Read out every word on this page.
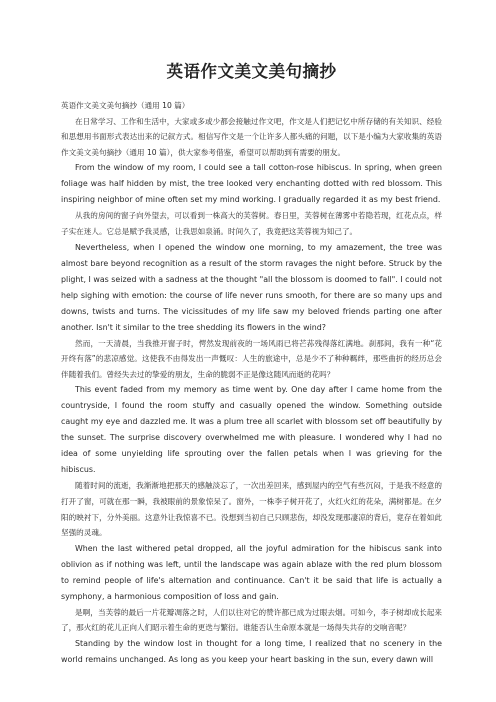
英语作文美文美句摘抄

英语作文美文美句摘抄（通用 10 篇）

在日常学习、工作和生活中，大家或多或少都会接触过作文吧，作文是人们把记忆中所存储的有关知识、经验和思想用书面形式表达出来的记叙方式。相信写作文是一个让许多人都头痛的问题，以下是小编为大家收集的英语作文美文美句摘抄（通用 10 篇），供大家参考借鉴，希望可以帮助到有需要的朋友。

From the window of my room, I could see a tall cotton-rose hibiscus. In spring, when green foliage was half hidden by mist, the tree looked very enchanting dotted with red blossom. This inspiring neighbor of mine often set my mind working. I gradually regarded it as my best friend.

从我的房间的窗子向外望去，可以看到一株高大的芙蓉树。春日里，芙蓉树在薄雾中若隐若现，红花点点，样子实在迷人。它总是赋予我灵感，让我思如泉涌。时间久了，我竟把这芙蓉视为知己了。

Nevertheless, when I opened the window one morning, to my amazement, the tree was almost bare beyond recognition as a result of the storm ravages the night before. Struck by the plight, I was seized with a sadness at the thought "all the blossom is doomed to fall". I could not help sighing with emotion: the course of life never runs smooth, for there are so many ups and downs, twists and turns. The vicissitudes of my life saw my beloved friends parting one after another. Isn't it similar to the tree shedding its flowers in the wind?

然而，一天清晨，当我推开窗子时，愕然发现前夜的一场风雨已将芒荪残得落红满地。刹那间，我有一种“花开终有落”的悲凉感觉。这使我不由得发出一声慨叹：人生的旅途中，总是少不了种种羁绊，那些曲折的经历总会伴随着我们。曾经失去过的挚爱的朋友，生命的脆弱不正是像这随风而逝的花吗？

This event faded from my memory as time went by. One day after I came home from the countryside, I found the room stuffy and casually opened the window. Something outside caught my eye and dazzled me. It was a plum tree all scarlet with blossom set off beautifully by the sunset. The surprise discovery overwhelmed me with pleasure. I wondered why I had no idea of some unyielding life sprouting over the fallen petals when I was grieving for the hibiscus.

随着时间的流逝，我渐渐地把那天的感触淡忘了，一次出差回来，感到屋内的空气有些沉闷，于是我不经意的打开了窗，可就在那一瞬，我被眼前的景象惊呆了。窗外，一株李子树开花了，火红火红的花朵，满树都是。在夕阳的映衬下，分外美丽。这意外让我惊喜不已。没想到当初自己只顾悲伤，却没发现那凄凉的背后，竟存在着如此坚强的灵魂。

When the last withered petal dropped, all the joyful admiration for the hibiscus sank into oblivion as if nothing was left, until the landscape was again ablaze with the red plum blossom to remind people of life's alternation and continuance. Can't it be said that life is actually a symphony, a harmonious composition of loss and gain.

是啊，当芙蓉的最后一片花瓣凋落之时，人们以往对它的赞许都已成为过眼去烟。可如今，李子树却成长起来了，那火红的花儿正向人们昭示着生命的更迭与繁衍。谁能否认生命原本就是一场得失共存的交响音呢？

Standing by the window lost in thought for a long time, I realized that no scenery in the world remains unchanged. As long as you keep your heart basking in the sun, every dawn will
